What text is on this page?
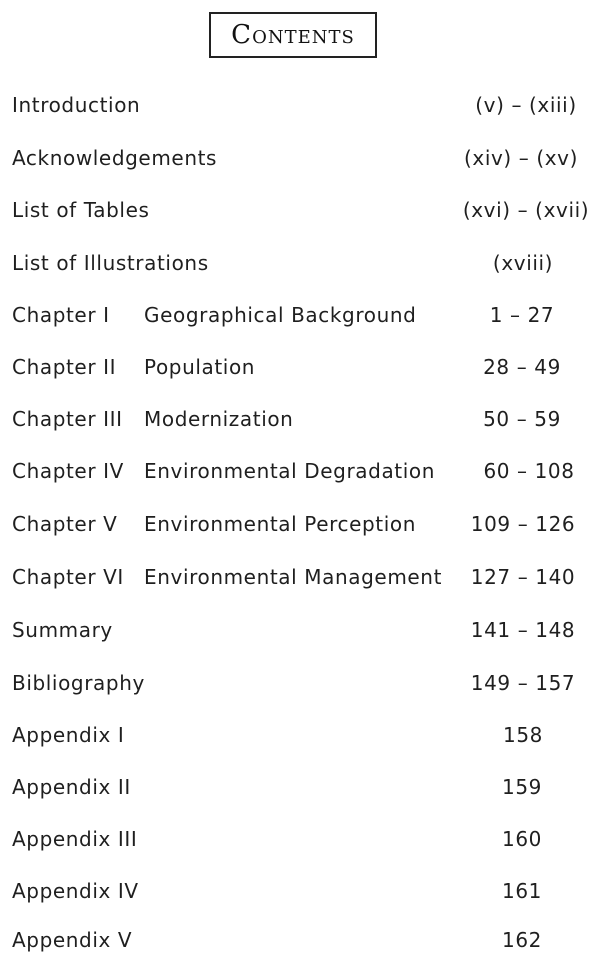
Contents
Introduction	(v) – (xiii)
Acknowledgements	(xiv) – (xv)
List of Tables	(xvi) – (xvii)
List of Illustrations	(xviii)
Chapter I Geographical Background	1 – 27
Chapter II Population	28 – 49
Chapter III Modernization	50 – 59
Chapter IV Environmental Degradation 60 – 108
Chapter V Environmental Perception	109 – 126
Chapter VI Environmental Management 127 – 140
Summary	141 – 148
Bibliography	149 – 157
Appendix I	158
Appendix II	159
Appendix III	160
Appendix IV	161
Appendix V	162
